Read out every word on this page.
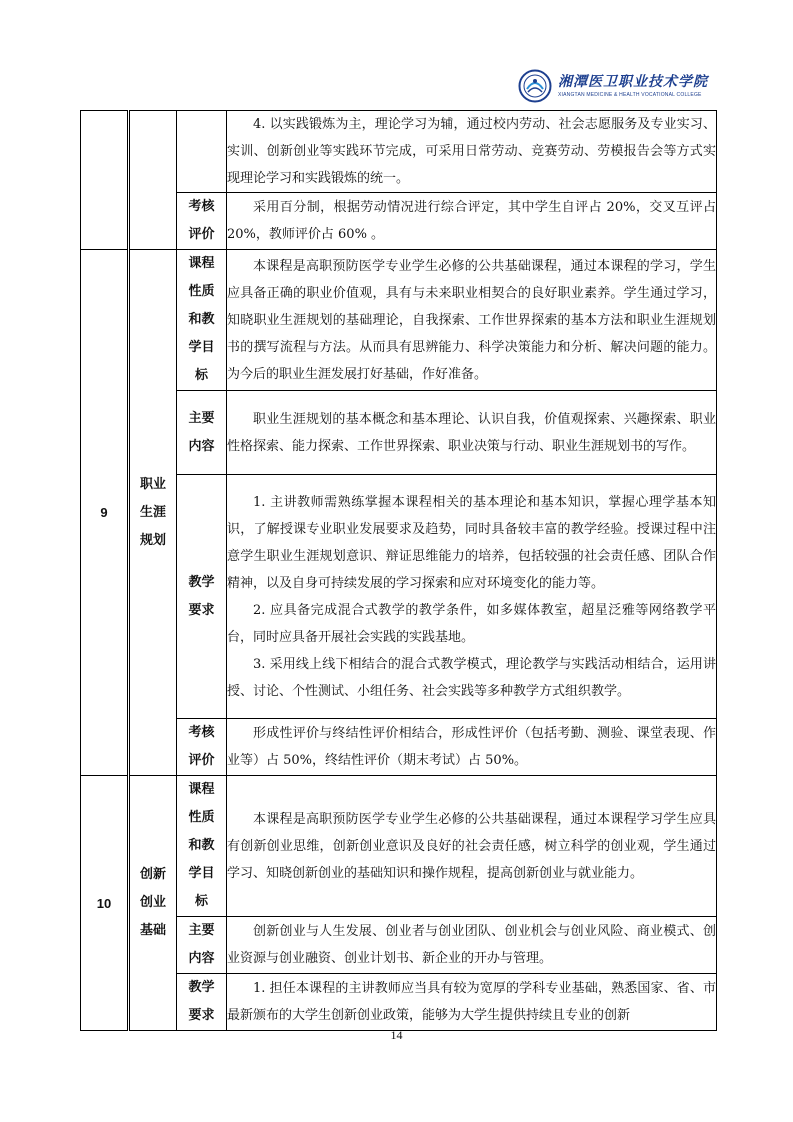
湘潭医卫职业技术学院
XIANGTAN MEDICINE & HEALTH VOCATIONAL COLLEGE

			4. 以实践锻炼为主，理论学习为辅，通过校内劳动、社会志愿服务及专业实习、实训、创新创业等实践环节完成，可采用日常劳动、竞赛劳动、劳模报告会等方式实现理论学习和实践锻炼的统一。

		考核评价	采用百分制，根据劳动情况进行综合评定，其中学生自评占 20%，交叉互评占 20%，教师评价占 60% 。

9	职业生涯规划	课程性质和教学目标	本课程是高职预防医学专业学生必修的公共基础课程，通过本课程的学习，学生应具备正确的职业价值观，具有与未来职业相契合的良好职业素养。学生通过学习，知晓职业生涯规划的基础理论，自我探索、工作世界探索的基本方法和职业生涯规划书的撰写流程与方法。从而具有思辨能力、科学决策能力和分析、解决问题的能力。为今后的职业生涯发展打好基础，作好准备。

		主要内容	职业生涯规划的基本概念和基本理论、认识自我，价值观探索、兴趣探索、职业性格探索、能力探索、工作世界探索、职业决策与行动、职业生涯规划书的写作。

		教学要求	1. 主讲教师需熟练掌握本课程相关的基本理论和基本知识，掌握心理学基本知识，了解授课专业职业发展要求及趋势，同时具备较丰富的教学经验。授课过程中注意学生职业生涯规划意识、辩证思维能力的培养，包括较强的社会责任感、团队合作精神，以及自身可持续发展的学习探索和应对环境变化的能力等。

2. 应具备完成混合式教学的教学条件，如多媒体教室，超星泛雅等网络教学平台，同时应具备开展社会实践的实践基地。

3. 采用线上线下相结合的混合式教学模式，理论教学与实践活动相结合，运用讲授、讨论、个性测试、小组任务、社会实践等多种教学方式组织教学。

		考核评价	形成性评价与终结性评价相结合，形成性评价（包括考勤、测验、课堂表现、作业等）占 50%，终结性评价（期末考试）占 50%。

10	创新创业基础	课程性质和教学目标	本课程是高职预防医学专业学生必修的公共基础课程，通过本课程学习学生应具有创新创业思维，创新创业意识及良好的社会责任感，树立科学的创业观，学生通过学习、知晓创新创业的基础知识和操作规程，提高创新创业与就业能力。

		主要内容	创新创业与人生发展、创业者与创业团队、创业机会与创业风险、商业模式、创业资源与创业融资、创业计划书、新企业的开办与管理。

		教学要求	1. 担任本课程的主讲教师应当具有较为宽厚的学科专业基础，熟悉国家、省、市最新颁布的大学生创新创业政策，能够为大学生提供持续且专业的创新

14
